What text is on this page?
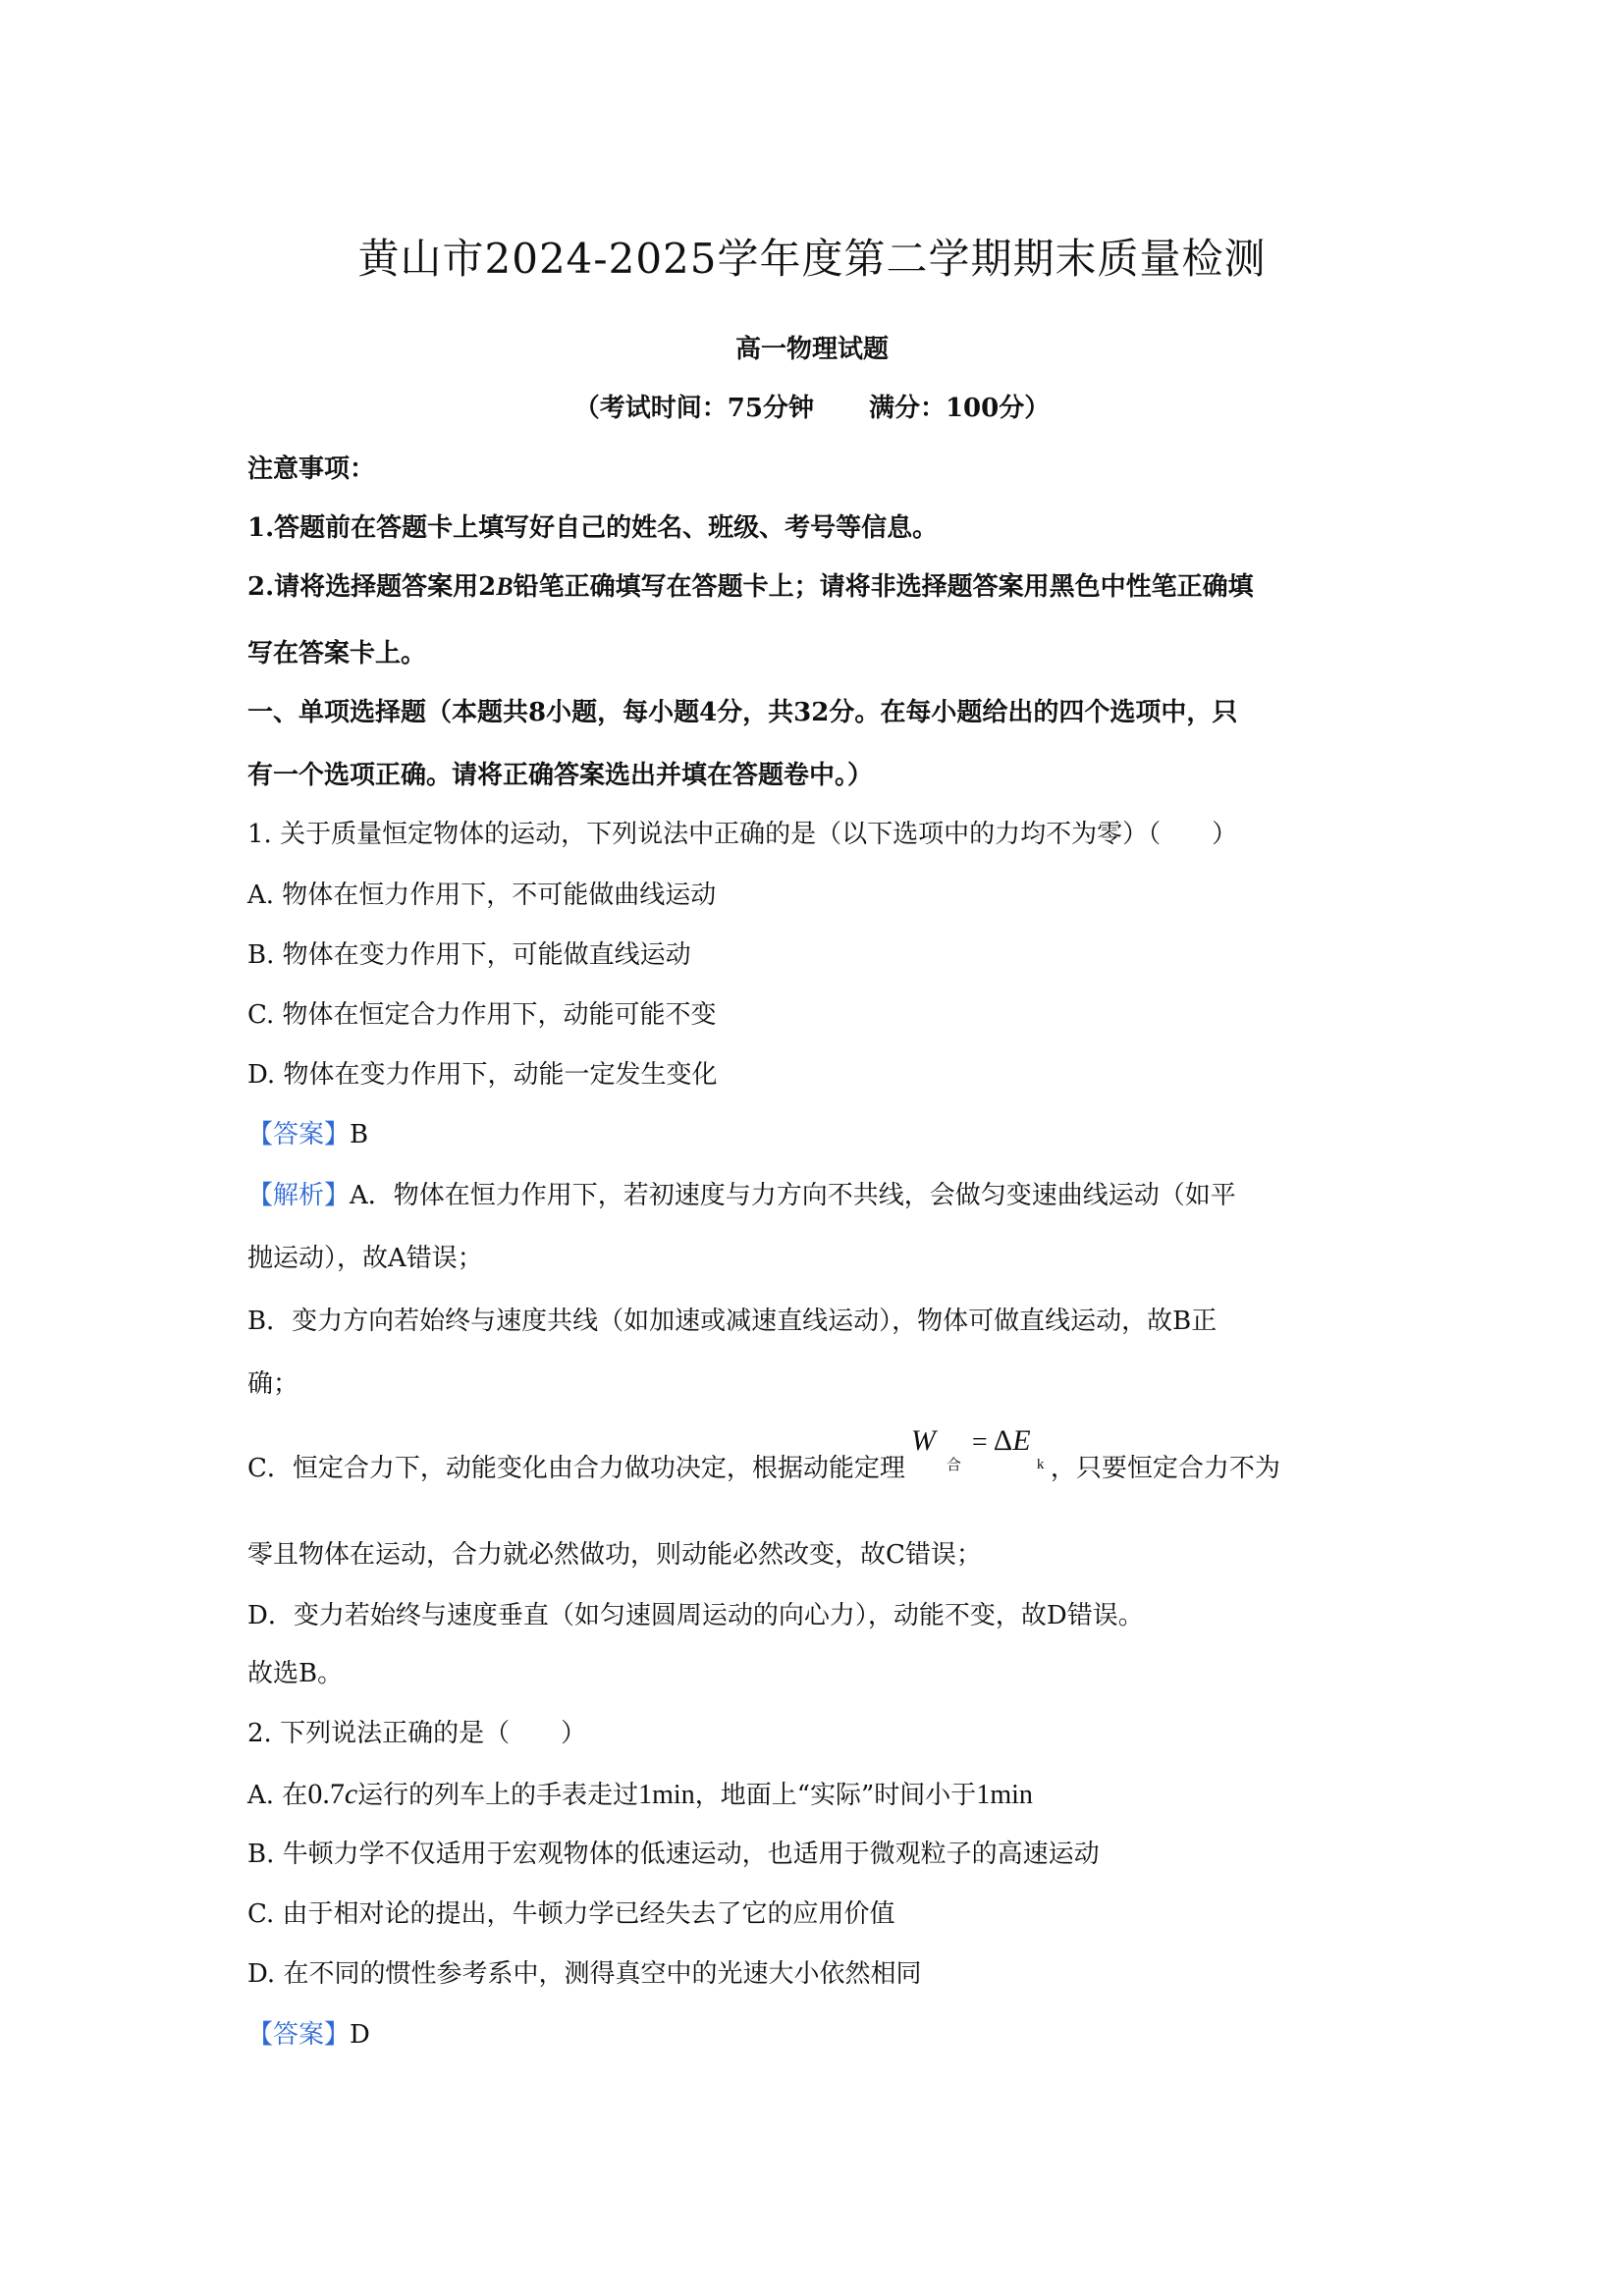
黄山市2024-2025学年度第二学期期末质量检测
高一物理试题
（考试时间：75分钟 满分：100分）
注意事项：
1.答题前在答题卡上填写好自己的姓名、班级、考号等信息。
2.请将选择题答案用2B铅笔正确填写在答题卡上；请将非选择题答案用黑色中性笔正确填
写在答案卡上。
一、单项选择题（本题共8小题，每小题4分，共32分。在每小题给出的四个选项中，只
有一个选项正确。请将正确答案选出并填在答题卷中。）
1. 关于质量恒定物体的运动，下列说法中正确的是（以下选项中的力均不为零）（　　）
A. 物体在恒力作用下，不可能做曲线运动
B. 物体在变力作用下，可能做直线运动
C. 物体在恒定合力作用下，动能可能不变
D. 物体在变力作用下，动能一定发生变化
【答案】B
【解析】A．物体在恒力作用下，若初速度与力方向不共线，会做匀变速曲线运动（如平
抛运动），故A错误；
B．变力方向若始终与速度共线（如加速或减速直线运动），物体可做直线运动，故B正
确；
C．恒定合力下，动能变化由合力做功决定，根据动能定理
W
合
= ΔE
k ，只要恒定合力不为
零且物体在运动，合力就必然做功，则动能必然改变，故C错误；
D．变力若始终与速度垂直（如匀速圆周运动的向心力），动能不变，故D错误。
故选B。
2. 下列说法正确的是（　　）
A. 在0.7c运行的列车上的手表走过1min，地面上“实际”时间小于1min
B. 牛顿力学不仅适用于宏观物体的低速运动，也适用于微观粒子的高速运动
C. 由于相对论的提出，牛顿力学已经失去了它的应用价值
D. 在不同的惯性参考系中，测得真空中的光速大小依然相同
【答案】D
